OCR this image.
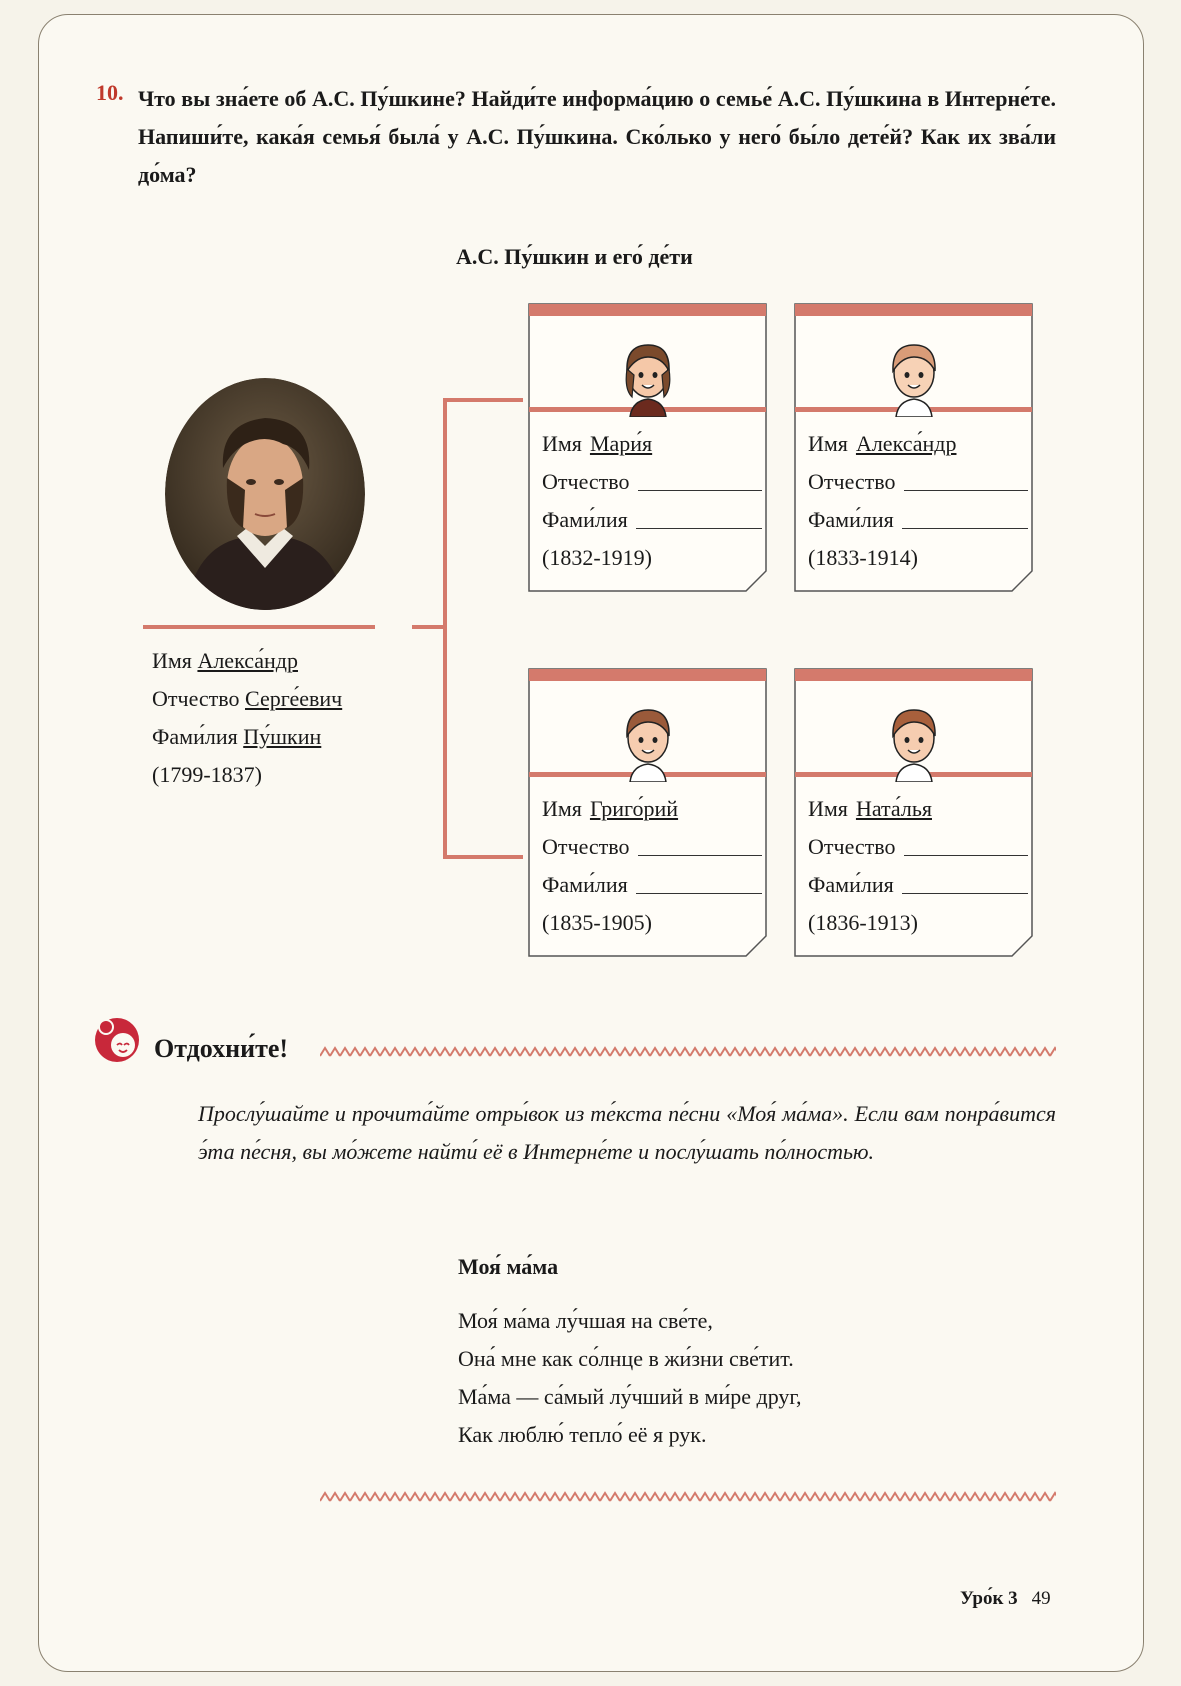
10. Что вы зна́ете об А.С. Пу́шкине? Найди́те информа́цию о семье́ А.С. Пу́шкина в Интерне́те. Напиши́те, кака́я семья́ была́ у А.С. Пу́шкина. Ско́лько у него́ бы́ло дете́й? Как их зва́ли до́ма?
А.С. Пу́шкин и его́ де́ти
Имя Алекса́ндр
Отчество Серге́евич
Фами́лия Пу́шкин
(1799-1837)
Имя Мари́я
Отчество
Фами́лия
(1832-1919)
Имя Алекса́ндр
Отчество
Фами́лия
(1833-1914)
Имя Григо́рий
Отчество
Фами́лия
(1835-1905)
Имя Ната́лья
Отчество
Фами́лия
(1836-1913)
Отдохни́те!
Прослу́шайте и прочита́йте отры́вок из те́кста пе́сни «Моя́ ма́ма». Если вам понра́вится э́та пе́сня, вы мо́жете найти́ её в Интерне́те и послу́шать по́лностью.
Моя́ ма́ма
Моя́ ма́ма лу́чшая на све́те,
Она́ мне как со́лнце в жи́зни све́тит.
Ма́ма — са́мый лу́чший в ми́ре друг,
Как люблю́ тепло́ её я рук.
Уро́к 3 49
